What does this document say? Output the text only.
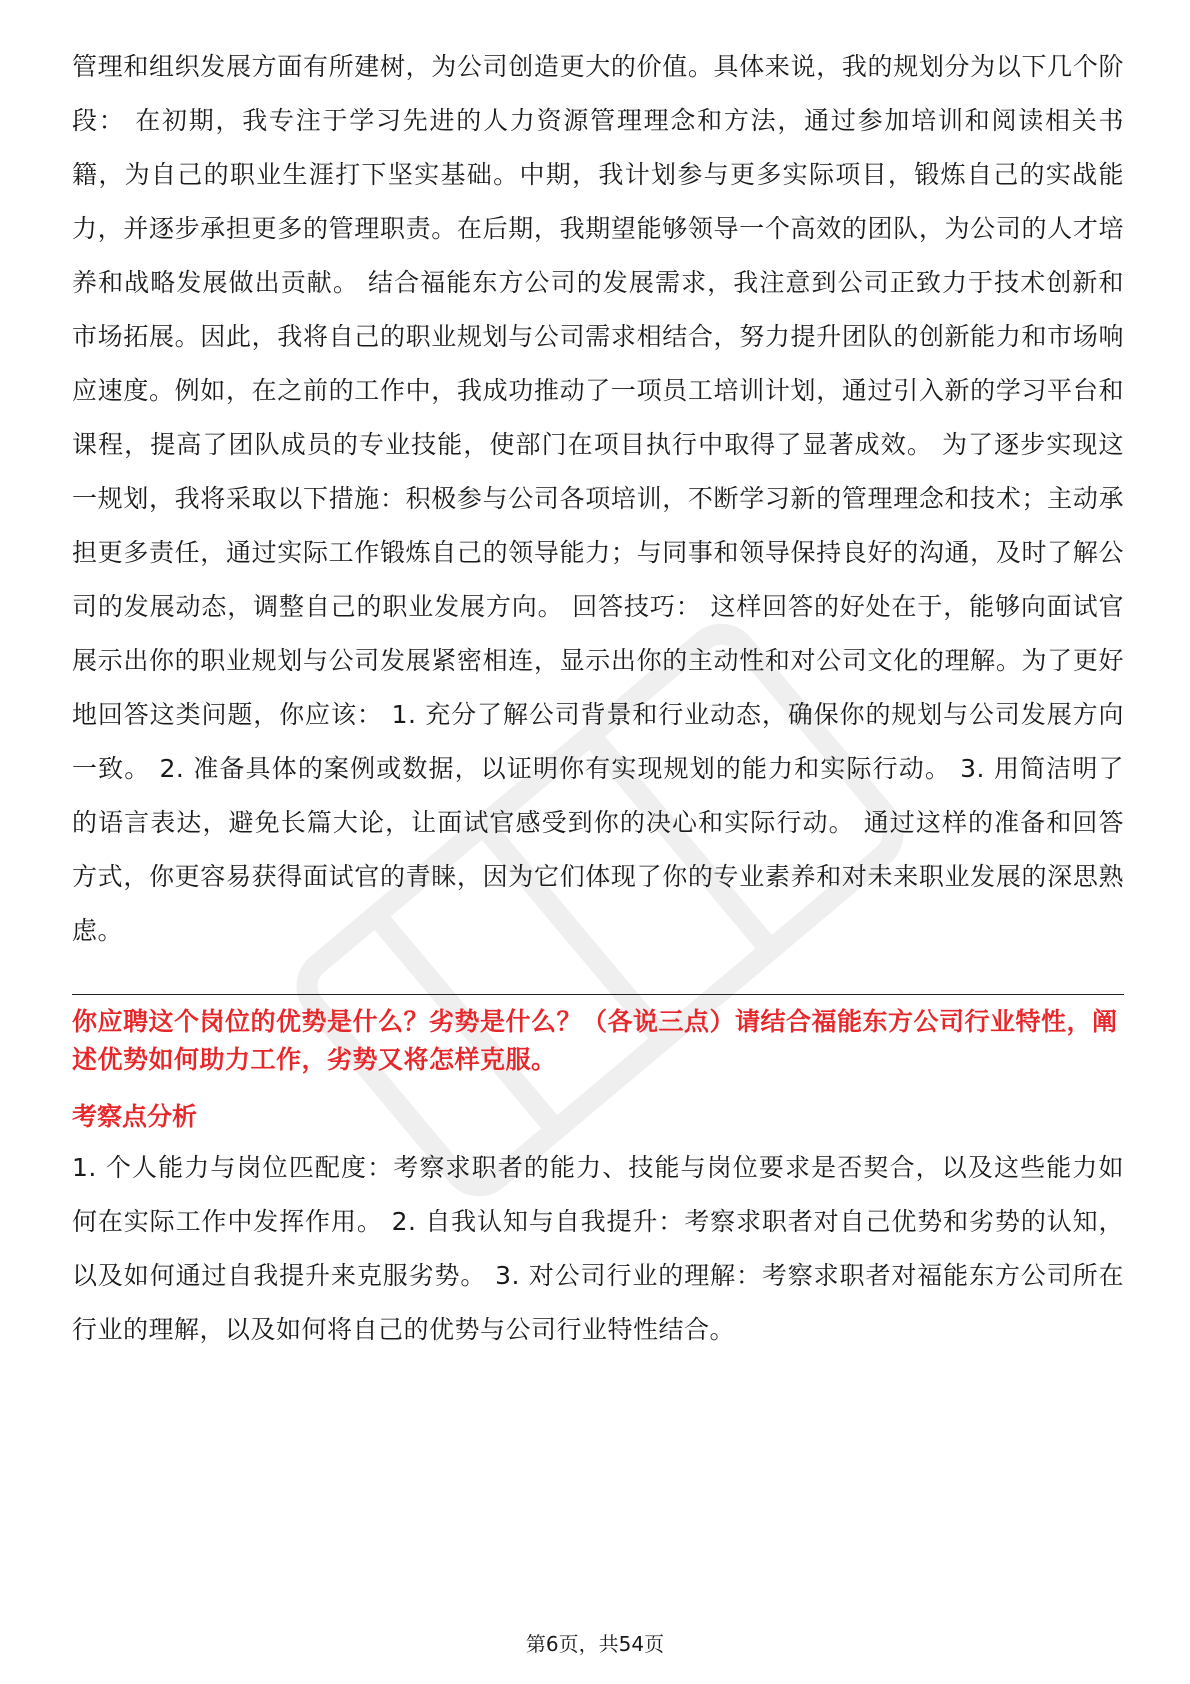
管理和组织发展方面有所建树，为公司创造更大的价值。具体来说，我的规划分为以下几个阶段： 在初期，我专注于学习先进的人力资源管理理念和方法，通过参加培训和阅读相关书籍，为自己的职业生涯打下坚实基础。中期，我计划参与更多实际项目，锻炼自己的实战能力，并逐步承担更多的管理职责。在后期，我期望能够领导一个高效的团队，为公司的人才培养和战略发展做出贡献。 结合福能东方公司的发展需求，我注意到公司正致力于技术创新和市场拓展。因此，我将自己的职业规划与公司需求相结合，努力提升团队的创新能力和市场响应速度。例如，在之前的工作中，我成功推动了一项员工培训计划，通过引入新的学习平台和课程，提高了团队成员的专业技能，使部门在项目执行中取得了显著成效。 为了逐步实现这一规划，我将采取以下措施：积极参与公司各项培训，不断学习新的管理理念和技术；主动承担更多责任，通过实际工作锻炼自己的领导能力；与同事和领导保持良好的沟通，及时了解公司的发展动态，调整自己的职业发展方向。 回答技巧： 这样回答的好处在于，能够向面试官展示出你的职业规划与公司发展紧密相连，显示出你的主动性和对公司文化的理解。为了更好地回答这类问题，你应该： 1. 充分了解公司背景和行业动态，确保你的规划与公司发展方向一致。 2. 准备具体的案例或数据，以证明你有实现规划的能力和实际行动。 3. 用简洁明了的语言表达，避免长篇大论，让面试官感受到你的决心和实际行动。 通过这样的准备和回答方式，你更容易获得面试官的青睐，因为它们体现了你的专业素养和对未来职业发展的深思熟虑。

你应聘这个岗位的优势是什么？劣势是什么？（各说三点）请结合福能东方公司行业特性，阐述优势如何助力工作，劣势又将怎样克服。

考察点分析

1. 个人能力与岗位匹配度：考察求职者的能力、技能与岗位要求是否契合，以及这些能力如何在实际工作中发挥作用。 2. 自我认知与自我提升：考察求职者对自己优势和劣势的认知，以及如何通过自我提升来克服劣势。 3. 对公司行业的理解：考察求职者对福能东方公司所在行业的理解，以及如何将自己的优势与公司行业特性结合。

第6页，共54页
